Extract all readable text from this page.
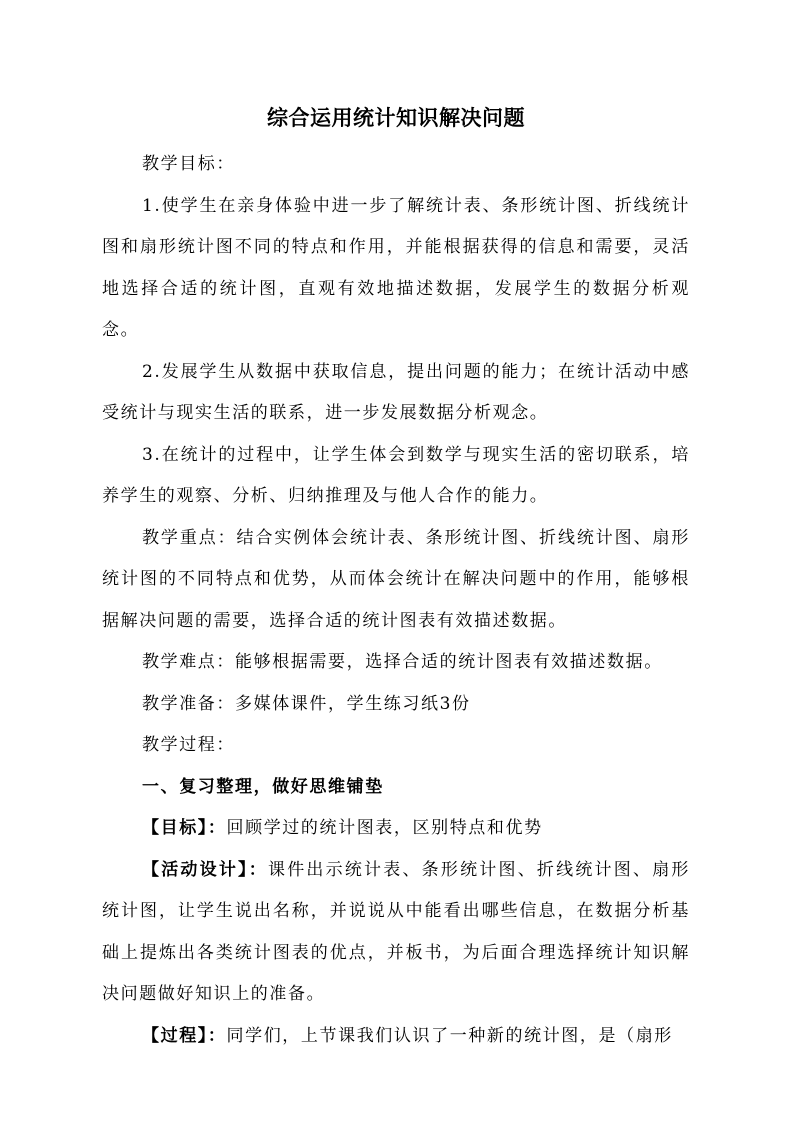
综合运用统计知识解决问题

教学目标：

1.使学生在亲身体验中进一步了解统计表、条形统计图、折线统计图和扇形统计图不同的特点和作用，并能根据获得的信息和需要，灵活地选择合适的统计图，直观有效地描述数据，发展学生的数据分析观念。

2.发展学生从数据中获取信息，提出问题的能力；在统计活动中感受统计与现实生活的联系，进一步发展数据分析观念。

3.在统计的过程中，让学生体会到数学与现实生活的密切联系，培养学生的观察、分析、归纳推理及与他人合作的能力。

教学重点：结合实例体会统计表、条形统计图、折线统计图、扇形统计图的不同特点和优势，从而体会统计在解决问题中的作用，能够根据解决问题的需要，选择合适的统计图表有效描述数据。

教学难点：能够根据需要，选择合适的统计图表有效描述数据。

教学准备：多媒体课件，学生练习纸3份

教学过程：

一、复习整理，做好思维铺垫

【目标】：回顾学过的统计图表，区别特点和优势

【活动设计】：课件出示统计表、条形统计图、折线统计图、扇形统计图，让学生说出名称，并说说从中能看出哪些信息，在数据分析基础上提炼出各类统计图表的优点，并板书，为后面合理选择统计知识解决问题做好知识上的准备。

【过程】：同学们，上节课我们认识了一种新的统计图，是（扇形
